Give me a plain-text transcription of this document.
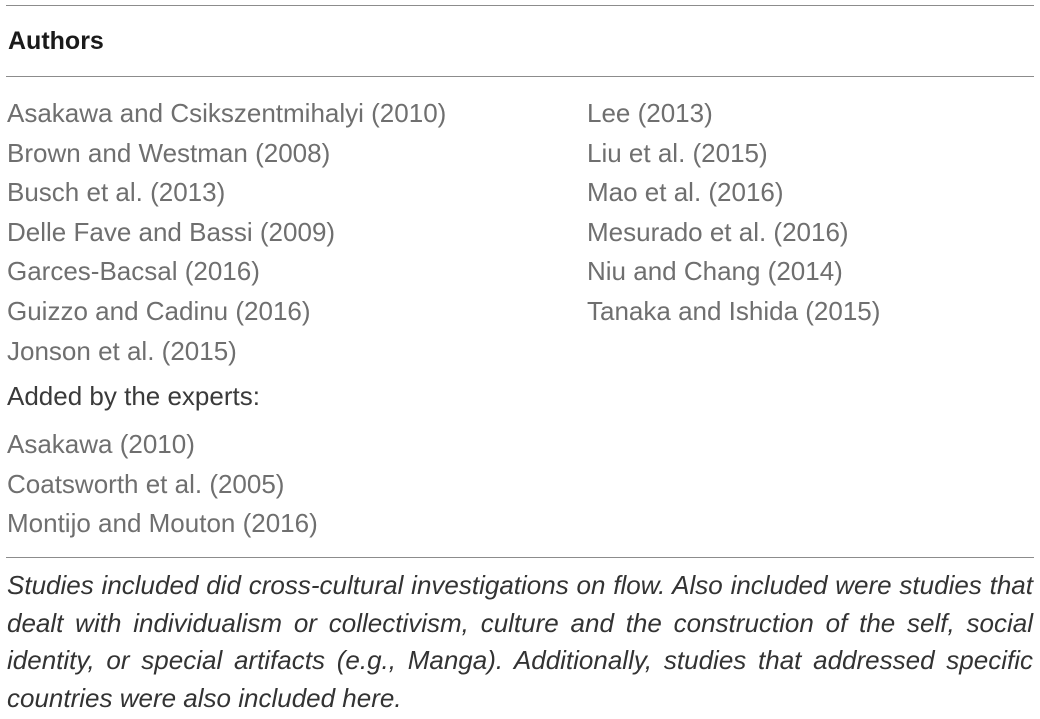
Authors
Asakawa and Csikszentmihalyi (2010)
Brown and Westman (2008)
Busch et al. (2013)
Delle Fave and Bassi (2009)
Garces-Bacsal (2016)
Guizzo and Cadinu (2016)
Jonson et al. (2015)
Lee (2013)
Liu et al. (2015)
Mao et al. (2016)
Mesurado et al. (2016)
Niu and Chang (2014)
Tanaka and Ishida (2015)
Added by the experts:
Asakawa (2010)
Coatsworth et al. (2005)
Montijo and Mouton (2016)

Studies included did cross-cultural investigations on flow. Also included were studies that dealt with individualism or collectivism, culture and the construction of the self, social identity, or special artifacts (e.g., Manga). Additionally, studies that addressed specific countries were also included here.
